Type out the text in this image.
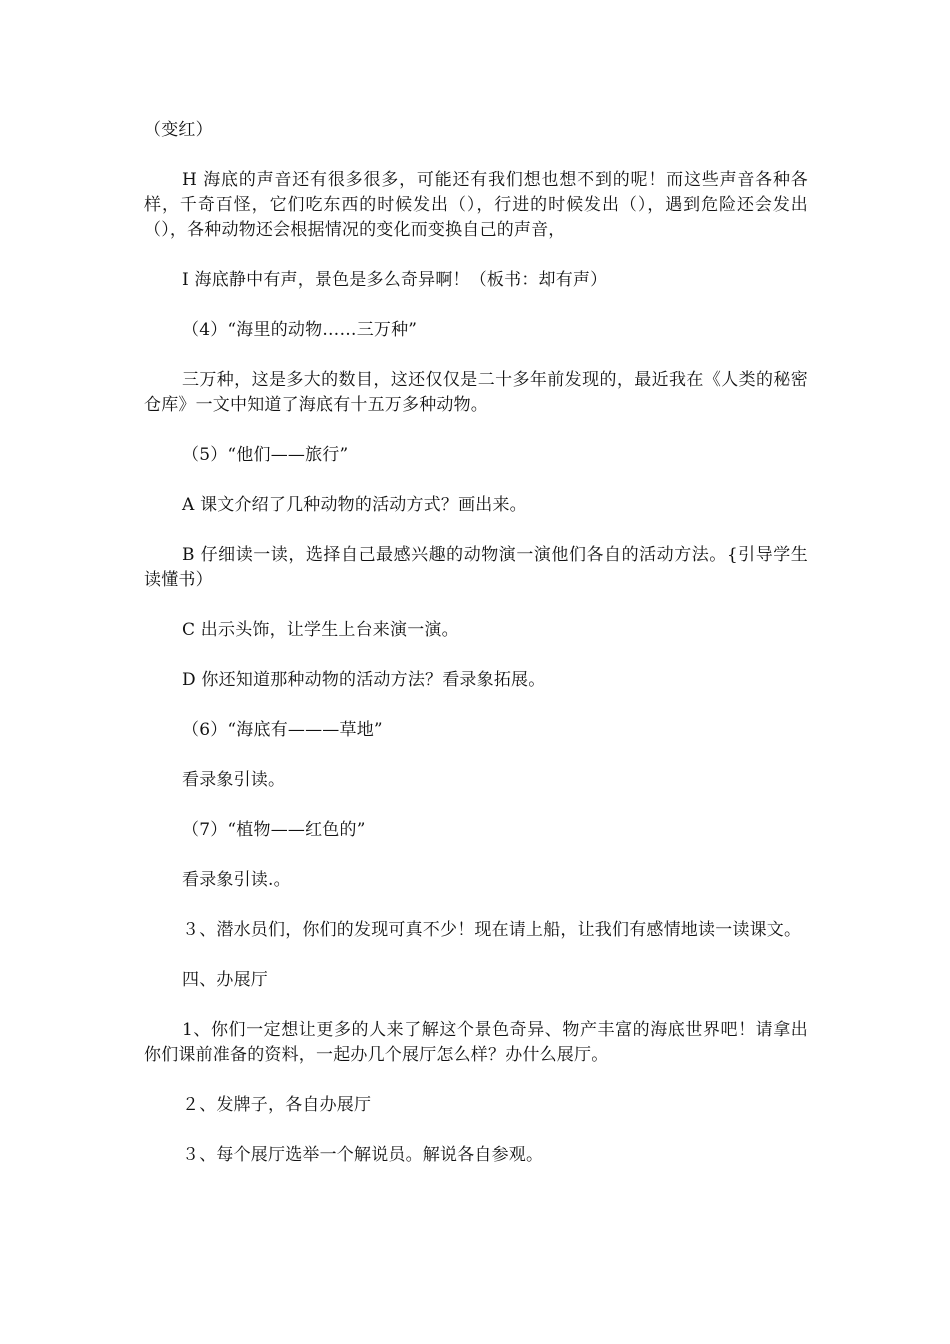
（变红）

H 海底的声音还有很多很多，可能还有我们想也想不到的呢！而这些声音各种各样，千奇百怪，它们吃东西的时候发出（），行进的时候发出（），遇到危险还会发出（），各种动物还会根据情况的变化而变换自己的声音，

I 海底静中有声，景色是多么奇异啊！（板书：却有声）

（4）“海里的动物……三万种”

三万种，这是多大的数目，这还仅仅是二十多年前发现的，最近我在《人类的秘密仓库》一文中知道了海底有十五万多种动物。

（5）“他们——旅行”

A 课文介绍了几种动物的活动方式？画出来。

B 仔细读一读，选择自己最感兴趣的动物演一演他们各自的活动方法。{引导学生读懂书）

C 出示头饰，让学生上台来演一演。

D 你还知道那种动物的活动方法？看录象拓展。

（6）“海底有———草地”

看录象引读。

（7）“植物——红色的”

看录象引读.。

３、潜水员们，你们的发现可真不少！现在请上船，让我们有感情地读一读课文。

四、办展厅

1、你们一定想让更多的人来了解这个景色奇异、物产丰富的海底世界吧！请拿出你们课前准备的资料，一起办几个展厅怎么样？办什么展厅。

２、发牌子，各自办展厅

３、每个展厅选举一个解说员。解说各自参观。
